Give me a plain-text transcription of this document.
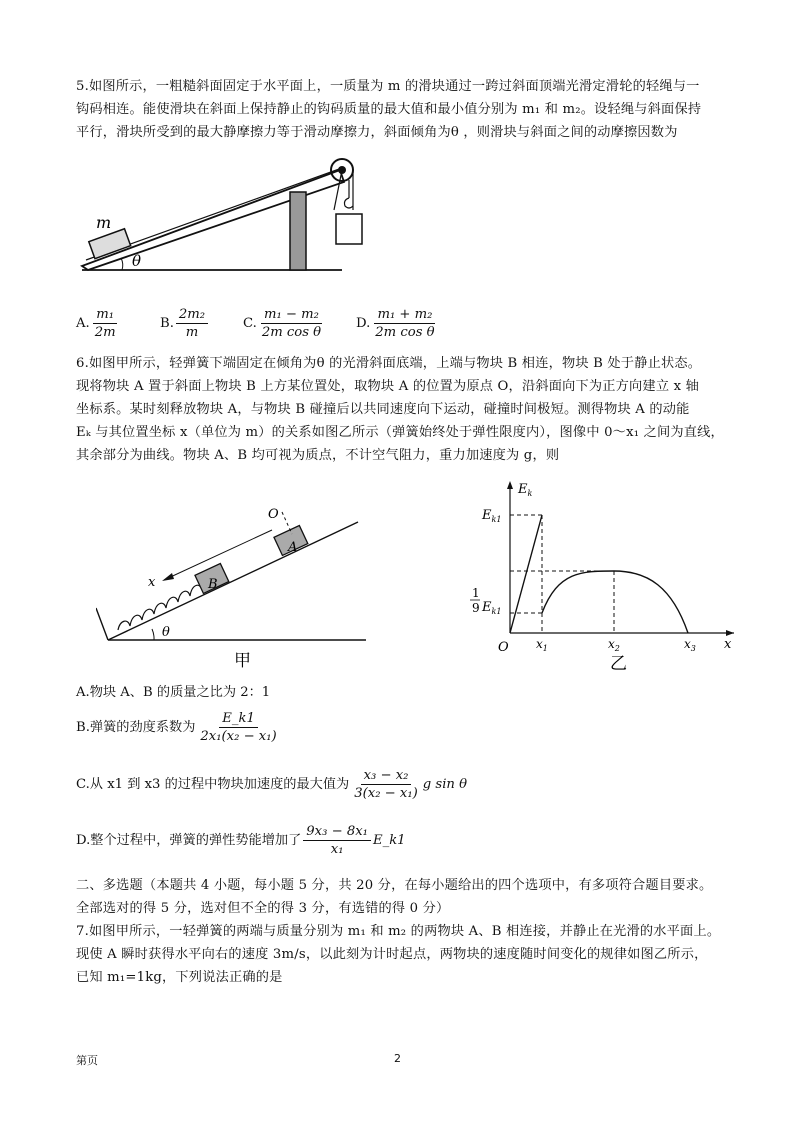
5.如图所示，一粗糙斜面固定于水平面上，一质量为 m 的滑块通过一跨过斜面顶端光滑定滑轮的轻绳与一
钩码相连。能使滑块在斜面上保持静止的钩码质量的最大值和最小值分别为 m₁ 和 m₂。设轻绳与斜面保持
平行，滑块所受到的最大静摩擦力等于滑动摩擦力，斜面倾角为θ ，则滑块与斜面之间的动摩擦因数为
m
θ
A. $\frac{\text{m₁}}{2m}$	B. $\frac{\text{2m₂}}{m}$	C. $\frac{\text{m₁ − m₂}}{\text{2m cos θ}} D$. $\frac{\text{m₁ + m₂}}{\text{2m cos θ}}$
6.如图甲所示，轻弹簧下端固定在倾角为θ 的光滑斜面底端，上端与物块 B 相连，物块 B 处于静止状态。
现将物块 A 置于斜面上物块 B 上方某位置处，取物块 A 的位置为原点 O，沿斜面向下为正方向建立 x 轴
坐标系。某时刻释放物块 A，与物块 B 碰撞后以共同速度向下运动，碰撞时间极短。测得物块 A 的动能
Eₖ 与其位置坐标 x（单位为 m）的关系如图乙所示（弹簧始终处于弹性限度内），图像中 0～x₁ 之间为直线，
其余部分为曲线。物块 A、B 均可视为质点，不计空气阻力，重力加速度为 g，则
B
A
O
x
θ
甲
$E_k$
$E_{k1}$
1
9 $E_{k1}$
O $x_1$	$x_2$	$x_3$ x
乙
A.物块 A、B 的质量之比为 2：1
B.弹簧的劲度系数为 $\frac{E\_k1}{\text{2x₁(x₂ − x₁)}}$
C.从 x1 到 x3 的过程中物块加速度的最大值为 $\frac{\text{x₃ − x₂}}{\text{3(x₂ − x₁)}}$ g sin θ
D.整个过程中，弹簧的弹性势能增加了 $\frac{\text{9x₃ − 8x₁}}{\text{x₁}}$ E_k1
二、多选题（本题共 4 小题，每小题 5 分，共 20 分，在每小题给出的四个选项中，有多项符合题目要求。
全部选对的得 5 分，选对但不全的得 3 分，有选错的得 0 分）
7.如图甲所示，一轻弹簧的两端与质量分别为 m₁ 和 m₂ 的两物块 A、B 相连接，并静止在光滑的水平面上。
现使 A 瞬时获得水平向右的速度 3m/s，以此刻为计时起点，两物块的速度随时间变化的规律如图乙所示，
已知 m₁=1kg，下列说法正确的是
第页	2
